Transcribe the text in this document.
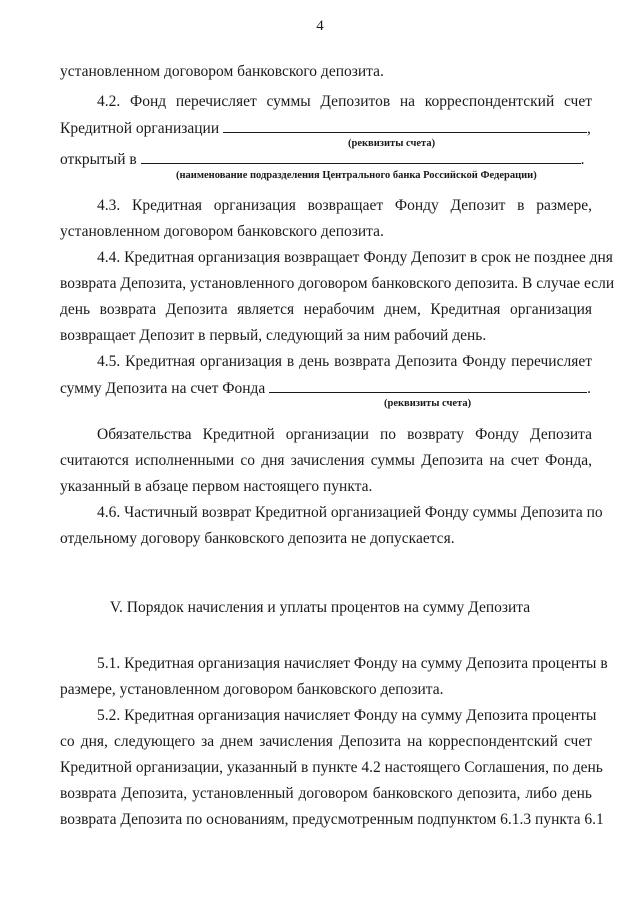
4
установленном договором банковского депозита.
4.2. Фонд перечисляет суммы Депозитов на корреспондентский счет
Кредитной организации	,
(реквизиты счета)
открытый в	.
(наименование подразделения Центрального банка Российской Федерации)
4.3. Кредитная организация возвращает Фонду Депозит в размере,
установленном договором банковского депозита.
4.4. Кредитная организация возвращает Фонду Депозит в срок не позднее дня
возврата Депозита, установленного договором банковского депозита. В случае если
день возврата Депозита является нерабочим днем, Кредитная организация
возвращает Депозит в первый, следующий за ним рабочий день.
4.5. Кредитная организация в день возврата Депозита Фонду перечисляет
сумму Депозита на счет Фонда	.
(реквизиты счета)
Обязательства Кредитной организации по возврату Фонду Депозита
считаются исполненными со дня зачисления суммы Депозита на счет Фонда,
указанный в абзаце первом настоящего пункта.
4.6. Частичный возврат Кредитной организацией Фонду суммы Депозита по
отдельному договору банковского депозита не допускается.
V. Порядок начисления и уплаты процентов на сумму Депозита
5.1. Кредитная организация начисляет Фонду на сумму Депозита проценты в
размере, установленном договором банковского депозита.
5.2. Кредитная организация начисляет Фонду на сумму Депозита проценты
со дня, следующего за днем зачисления Депозита на корреспондентский счет
Кредитной организации, указанный в пункте 4.2 настоящего Соглашения, по день
возврата Депозита, установленный договором банковского депозита, либо день
возврата Депозита по основаниям, предусмотренным подпунктом 6.1.3 пункта 6.1
